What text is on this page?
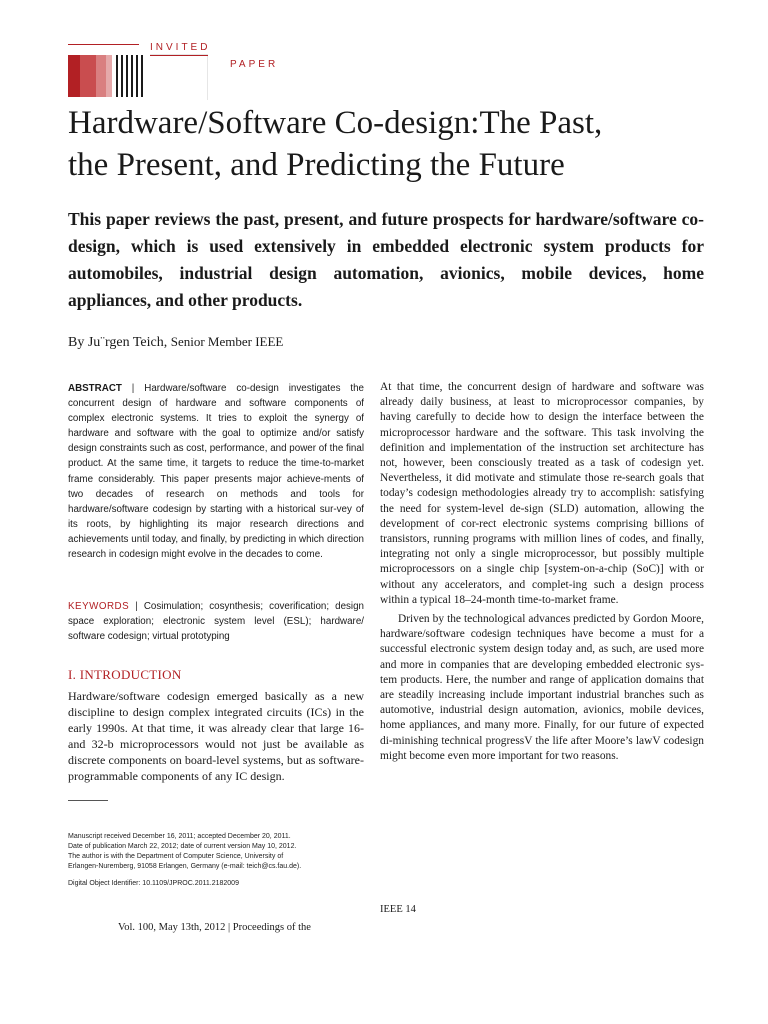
INVITED
PAPER
Hardware/Software Co-design:The Past,
the Present, and Predicting the Future
This paper reviews the past, present, and future prospects for hardware/software co-design, which is used extensively in embedded electronic system products for automobiles, industrial design automation, avionics, mobile devices, home appliances, and other products.
By Ju¨rgen Teich, Senior Member IEEE
ABSTRACT | Hardware/software co-design investigates the concurrent design of hardware and software components of complex electronic systems. It tries to exploit the synergy of hardware and software with the goal to optimize and/or satisfy design constraints such as cost, performance, and power of the final product. At the same time, it targets to reduce the time-to-market frame considerably. This paper presents major achieve-ments of two decades of research on methods and tools for hardware/software codesign by starting with a historical sur-vey of its roots, by highlighting its major research directions and achievements until today, and finally, by predicting in which direction research in codesign might evolve in the decades to come.
KEYWORDS | Cosimulation; cosynthesis; coverification; design space exploration; electronic system level (ESL); hardware/ software codesign; virtual prototyping
I. INTRODUCTION
Hardware/software codesign emerged basically as a new discipline to design complex integrated circuits (ICs) in the early 1990s. At that time, it was already clear that large 16- and 32-b microprocessors would not just be available as discrete components on board-level systems, but as software-programmable components of any IC design.
Manuscript received December 16, 2011; accepted December 20, 2011.
Date of publication March 22, 2012; date of current version May 10, 2012.
The author is with the Department of Computer Science, University of
Erlangen-Nuremberg, 91058 Erlangen, Germany (e-mail: teich@cs.fau.de).
Digital Object Identifier: 10.1109/JPROC.2011.2182009
Vol. 100, May 13th, 2012 | Proceedings of the

At that time, the concurrent design of hardware and software was already daily business, at least to microprocessor companies, by having carefully to decide how to design the interface between the microprocessor hardware and the software. This task involving the definition and implementation of the instruction set architecture has not, however, been consciously treated as a task of codesign yet. Nevertheless, it did motivate and stimulate those re-search goals that today’s codesign methodologies already try to accomplish: satisfying the need for system-level de-sign (SLD) automation, allowing the development of cor-rect electronic systems comprising billions of transistors, running programs with million lines of codes, and finally, integrating not only a single microprocessor, but possibly multiple microprocessors on a single chip [system-on-a-chip (SoC)] with or without any accelerators, and complet-ing such a design process within a typical 18–24-month time-to-market frame.

Driven by the technological advances predicted by Gordon Moore, hardware/software codesign techniques have become a must for a successful electronic system design today and, as such, are used more and more in companies that are developing embedded electronic sys-tem products. Here, the number and range of application domains that are steadily increasing include important industrial branches such as automotive, industrial design automation, avionics, mobile devices, home appliances, and many more. Finally, for our future of expected di-minishing technical progressV the life after Moore’s lawV codesign might become even more important for two reasons.

IEEE 14
